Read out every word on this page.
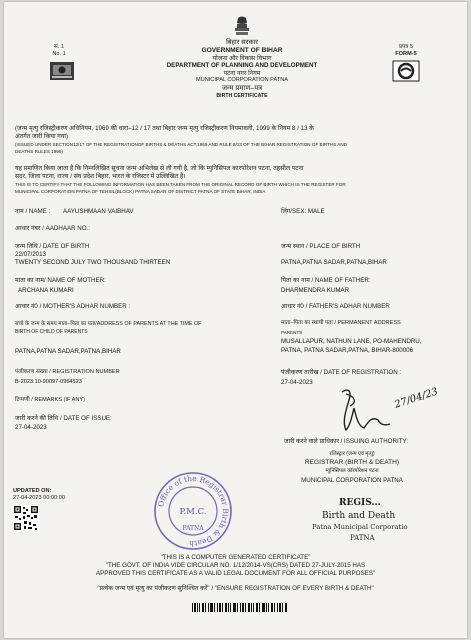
सं. 1
No. 1
बिहार सरकार
GOVERNMENT OF BIHAR
योजना और विकास विभाग
DEPARTMENT OF PLANNING AND DEVELOPMENT
पटना नगर निगम
MUNICIPAL CORPORATION PATNA
जन्म प्रमाण–पत्र
BIRTH CERTIFICATE
प्रपत्र 5
FORM-5
(जन्म मृत्यु रजिस्ट्रीकरण अधिनियम, 1969 की धारा–12 / 17 तथा बिहार जन्म मृत्यु रजिस्ट्रीकरण नियमावली, 1999 के नियम 8 / 13 के
अंतर्गत जारी किया गया)
(ISSUED UNDER SECTION12/17 OF THE REGISTRATIONOF BIRTHS & DEATHS ACT,1969 AND RULE 8/13 OF THE BIHAR REGISTRATION OF BIRTHS AND
DEATHS RULES 1999)
यह प्रमाणित किया जाता है कि निम्नलिखित सूचना जन्म अभिलेख से ली गयी है, जो कि म्युनिसिपल कारपोरेशन पटना, तहसील पटना
सदर, जिला पटना, राज्य / संघ प्रदेश बिहार, भारत के रजिस्टर में उल्लिखित है।
THIS IS TO CERTIFY THAT THE FOLLOWING INFORMATION HAS BEEN TAKEN FROM THE ORIGINAL RECORD OF BIRTH WHICH IS THE REGISTER FOR
MUNICIPAL CORPORATION PATNA OF TEHSIL(BLOCK) PATNA SADAR OF DISTRICT PATNA OF STATE BIHAR, INDIA
नाम / NAME : AAYUSHMAAN VAIBHAV	लिंग/SEX: MALE
आधार नंबर / AADHAAR NO.:
जन्म तिथि / DATE OF BIRTH
22/07/2013
TWENTY SECOND JULY TWO THOUSAND THIRTEEN
जन्म स्थान / PLACE OF BIRTH
PATNA,PATNA SADAR,PATNA,BIHAR
माता का नाम/ NAME OF MOTHER:
ARCHANA KUMARI
पिता का नाम / NAME OF FATHER:
DHARMENDRA KUMAR
आधार नं0 / MOTHER'S ADHAR NUMBER :	आधार नं0 / FATHER'S ADHAR NUMBER
बच्चे के जन्म के समय माता–पिता का पता/ADDRESS OF PARENTS AT THE TIME OF
BIRTH OF CHILD OF PARENTS
PATNA,PATNA SADAR,PATNA,BIHAR
माता–पिता का स्थायी पता / PERMANENT ADDRESS
PARENTS
MUSALLAPUR, NATHUN LANE, PO-MAHENDRU,
PATNA, PATNA SADAR,PATNA, BIHAR-800006
पंजीकरण संख्या / REGISTRATION NUMBER
B-2023:10-90097-0964523
पंजीकरण तारीख / DATE OF REGISTRATION :
27-04-2023
टिप्पणी / REMARKS (IF ANY)
जारी करने की तिथि / DATE OF ISSUE:
27-04-2023
27/04/23
जारी करने वाले प्राधिकार / ISSUING AUTHORITY:
रजिस्ट्रार (जन्म एवं मृत्यु)
REGISTRAR (BIRTH & DEATH)
म्युनिसिपल कॉरपोरेशन पटना
MUNICIPAL CORPORATION PATNA
REGIS...
Birth and Death
Patna Municipal Corporatio
PATNA
Office of the Registrar Birth & Death
P.M.C.
PATNA
UPDATED ON:
27-04-2023 00:00:00
"THIS IS A COMPUTER GENERATED CERTIFICATE"
"THE GOVT. OF INDIA VIDE CIRCULAR NO. 1/12/2014-VS(CRS) DATED 27-JULY-2015 HAS
APPROVED THIS CERTIFICATE AS A VALID LEGAL DOCUMENT FOR ALL OFFICIAL PURPOSES"
"प्रत्येक जन्म एवं मृत्यु का पंजीकरण सुनिश्चित करें" / "ENSURE REGISTRATION OF EVERY BIRTH & DEATH"
